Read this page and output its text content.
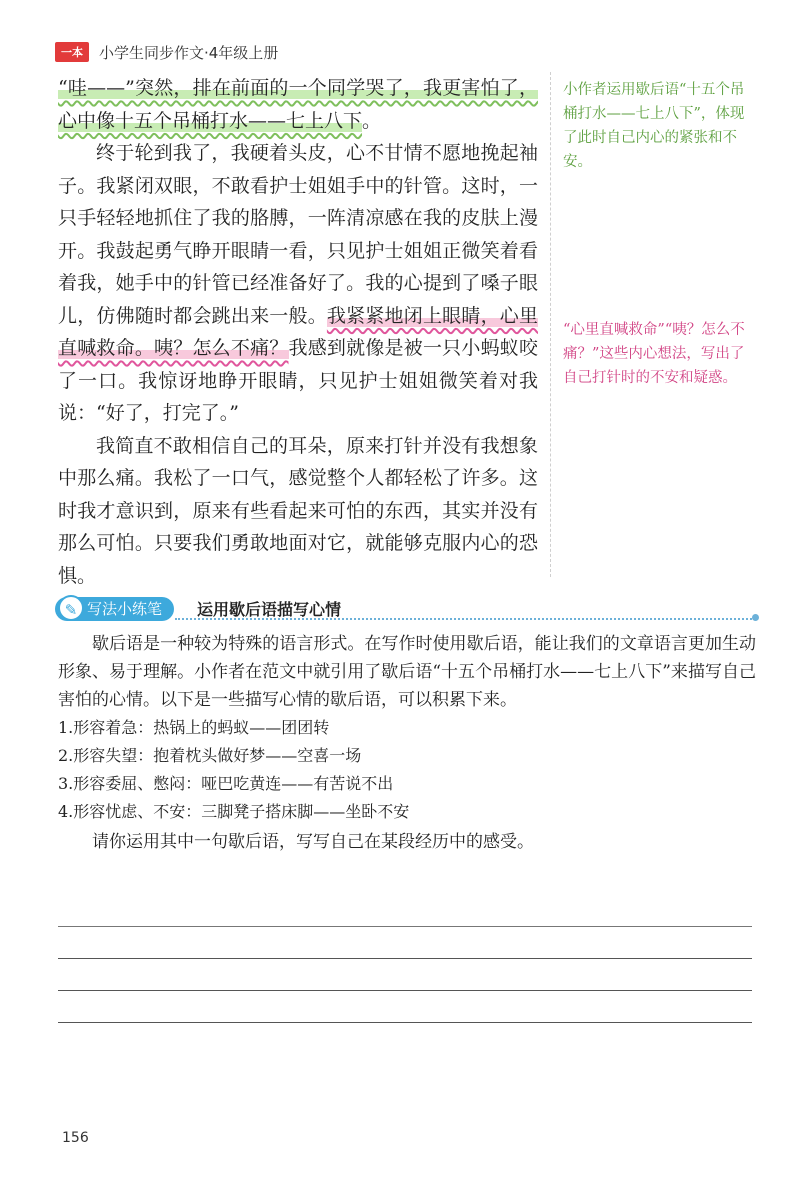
一本	小学生同步作文·4年级上册

“哇——”突然，排在前面的一个同学哭了，我更害怕了，心中像十五个吊桶打水——七上八下。

终于轮到我了，我硬着头皮，心不甘情不愿地挽起袖子。我紧闭双眼，不敢看护士姐姐手中的针管。这时，一只手轻轻地抓住了我的胳膊，一阵清凉感在我的皮肤上漫开。我鼓起勇气睁开眼睛一看，只见护士姐姐正微笑着看着我，她手中的针管已经准备好了。我的心提到了嗓子眼儿，仿佛随时都会跳出来一般。我紧紧地闭上眼睛，心里直喊救命。咦？怎么不痛？我感到就像是被一只小蚂蚁咬了一口。我惊讶地睁开眼睛，只见护士姐姐微笑着对我说：“好了，打完了。”

我简直不敢相信自己的耳朵，原来打针并没有我想象中那么痛。我松了一口气，感觉整个人都轻松了许多。这时我才意识到，原来有些看起来可怕的东西，其实并没有那么可怕。只要我们勇敢地面对它，就能够克服内心的恐惧。

小作者运用歇后语“十五个吊桶打水——七上八下”，体现了此时自己内心的紧张和不安。
“心里直喊救命”“咦？怎么不痛？”这些内心想法，写出了自己打针时的不安和疑惑。
✎ 写法小练笔	运用歇后语描写心情

歇后语是一种较为特殊的语言形式。在写作时使用歇后语，能让我们的文章语言更加生动形象、易于理解。小作者在范文中就引用了歇后语“十五个吊桶打水——七上八下”来描写自己害怕的心情。以下是一些描写心情的歇后语，可以积累下来。

1.形容着急：热锅上的蚂蚁——团团转

2.形容失望：抱着枕头做好梦——空喜一场

3.形容委屈、憋闷：哑巴吃黄连——有苦说不出

4.形容忧虑、不安：三脚凳子搭床脚——坐卧不安

请你运用其中一句歇后语，写写自己在某段经历中的感受。

156
